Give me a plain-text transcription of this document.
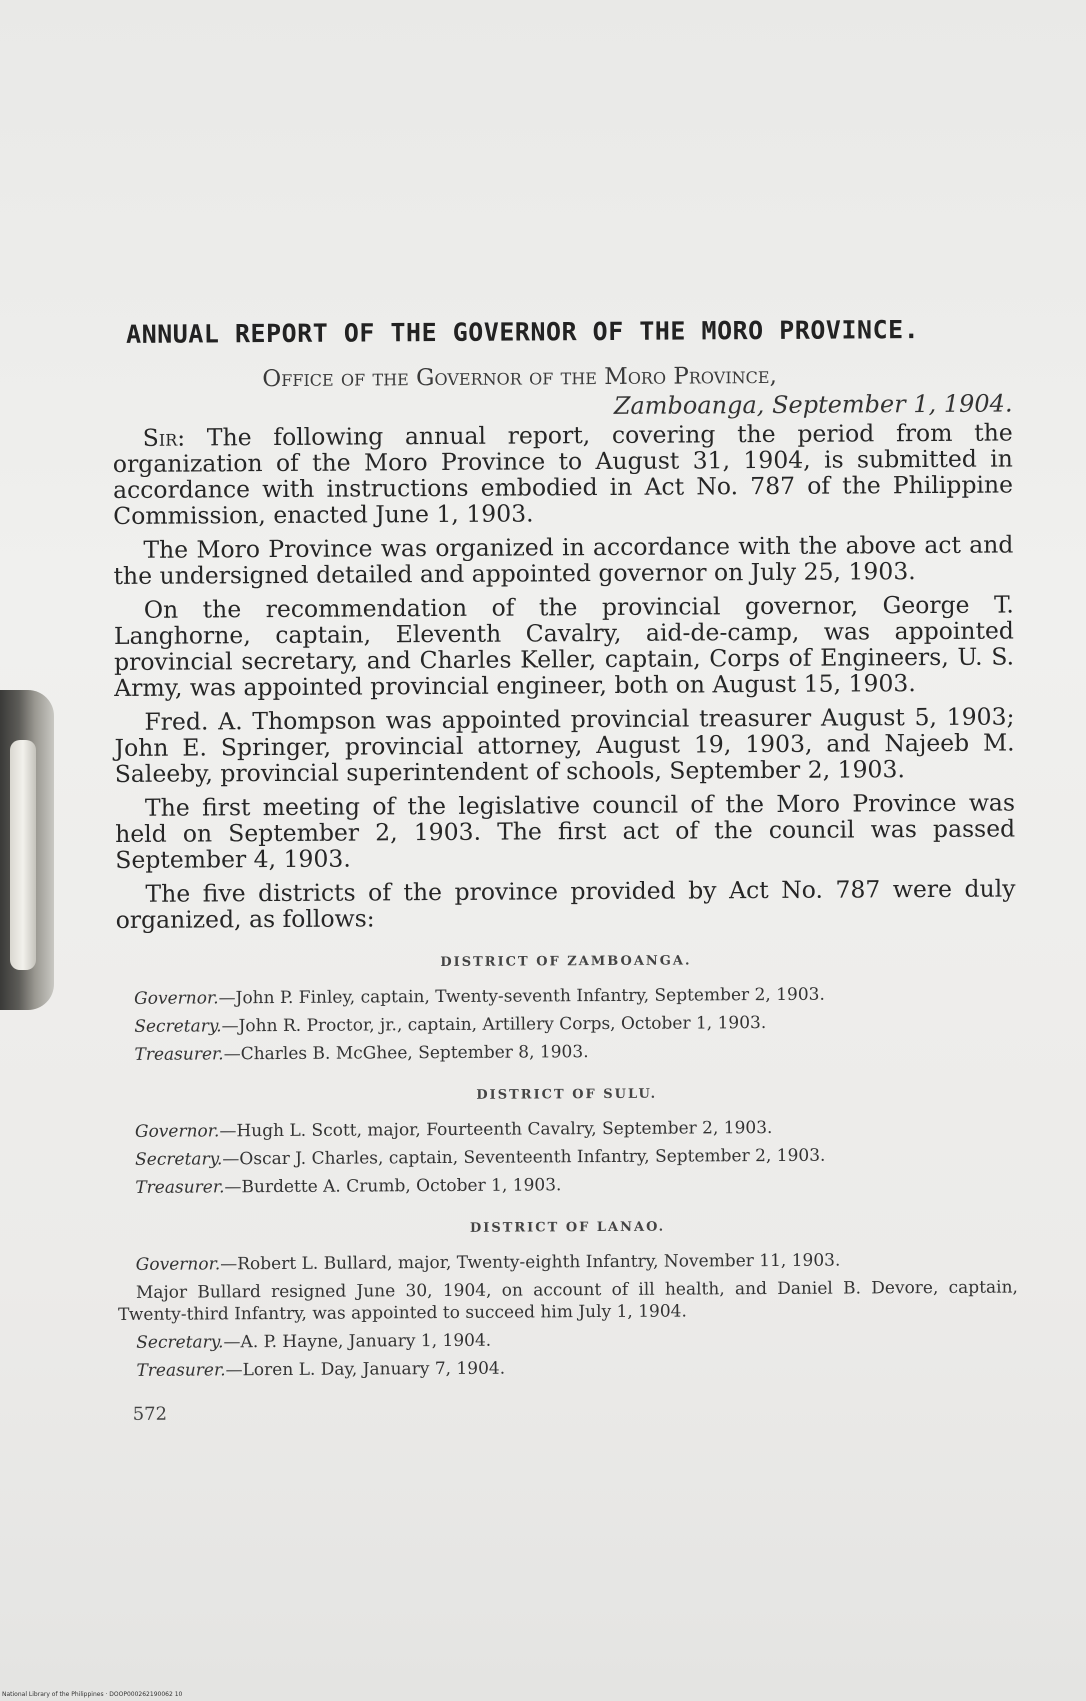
ANNUAL REPORT OF THE GOVERNOR OF THE MORO PROVINCE.
Office of the Governor of the Moro Province,
Zamboanga, September 1, 1904.

Sir: The following annual report, covering the period from the organization of the Moro Province to August 31, 1904, is submitted in accordance with instructions embodied in Act No. 787 of the Philippine Commission, enacted June 1, 1903.

The Moro Province was organized in accordance with the above act and the undersigned detailed and appointed governor on July 25, 1903.

On the recommendation of the provincial governor, George T. Langhorne, captain, Eleventh Cavalry, aid-de-camp, was appointed provincial secretary, and Charles Keller, captain, Corps of Engineers, U. S. Army, was appointed provincial engineer, both on August 15, 1903.

Fred. A. Thompson was appointed provincial treasurer August 5, 1903; John E. Springer, provincial attorney, August 19, 1903, and Najeeb M. Saleeby, provincial superintendent of schools, September 2, 1903.

The first meeting of the legislative council of the Moro Province was held on September 2, 1903. The first act of the council was passed September 4, 1903.

The five districts of the province provided by Act No. 787 were duly organized, as follows:

DISTRICT OF ZAMBOANGA.

Governor.—John P. Finley, captain, Twenty-seventh Infantry, September 2, 1903.

Secretary.—John R. Proctor, jr., captain, Artillery Corps, October 1, 1903.

Treasurer.—Charles B. McGhee, September 8, 1903.

DISTRICT OF SULU.

Governor.—Hugh L. Scott, major, Fourteenth Cavalry, September 2, 1903.

Secretary.—Oscar J. Charles, captain, Seventeenth Infantry, September 2, 1903.

Treasurer.—Burdette A. Crumb, October 1, 1903.

DISTRICT OF LANAO.

Governor.—Robert L. Bullard, major, Twenty-eighth Infantry, November 11, 1903.

Major Bullard resigned June 30, 1904, on account of ill health, and Daniel B. Devore, captain, Twenty-third Infantry, was appointed to succeed him July 1, 1904.

Secretary.—A. P. Hayne, January 1, 1904.

Treasurer.—Loren L. Day, January 7, 1904.

572
National Library of the Philippines · DOOP000262190062 10
